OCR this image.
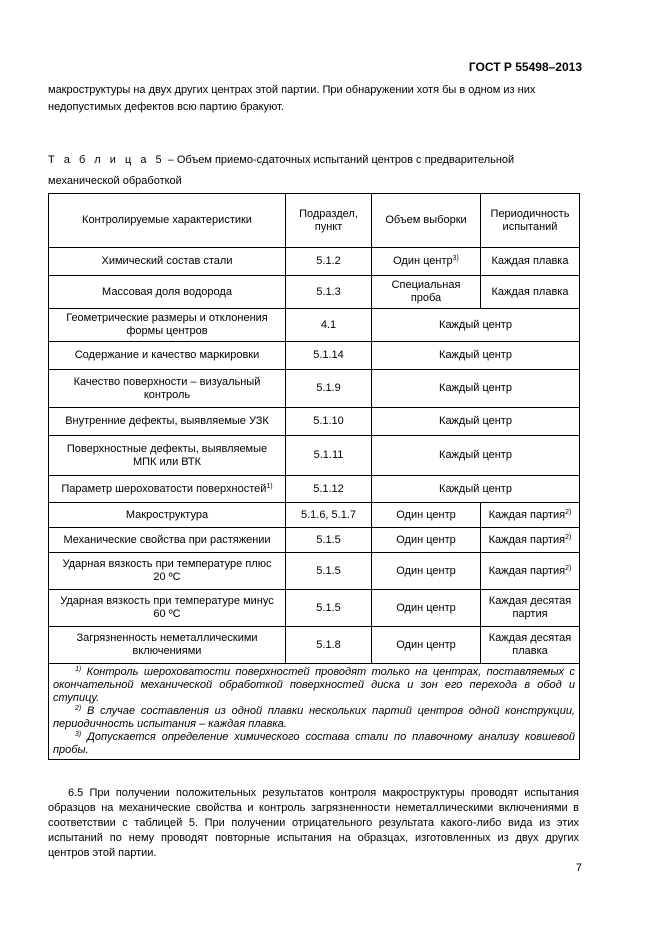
ГОСТ Р 55498–2013
макроструктуры на двух других центрах этой партии. При обнаружении хотя бы в одном из них недопустимых дефектов всю партию бракуют.
Т а б л и ц а 5 – Объем приемо-сдаточных испытаний центров с предварительной механической обработкой
Контролируемые характеристики	Подраздел, пункт	Объем выборки	Периодичность испытаний
Химический состав стали	5.1.2	Один центр$^{3)}$	Каждая плавка
Массовая доля водорода	5.1.3	Специальная проба	Каждая плавка
Геометрические размеры и отклонения формы центров	4.1	Каждый центр	
Содержание и качество маркировки	5.1.14	Каждый центр	
Качество поверхности – визуальный контроль	5.1.9	Каждый центр	
Внутренние дефекты, выявляемые УЗК	5.1.10	Каждый центр	
Поверхностные дефекты, выявляемые МПК или ВТК	5.1.11	Каждый центр	
Параметр шероховатости поверхностей$^{1)}$	5.1.12	Каждый центр	
Макроструктура	5.1.6, 5.1.7	Один центр	Каждая партия$^{2)}$
Механические свойства при растяжении	5.1.5	Один центр	Каждая партия$^{2)}$
Ударная вязкость при температуре плюс 20 ºС	5.1.5	Один центр	Каждая партия$^{2)}$
Ударная вязкость при температуре минус 60 ºС	5.1.5	Один центр	Каждая десятая партия
Загрязненность неметаллическими включениями	5.1.8	Один центр	Каждая десятая плавка

$^{1)}$ Контроль шероховатости поверхностей проводят только на центрах, поставляемых с окончательной механической обработкой поверхностей диска и зон его перехода в обод и ступицу.

$^{2)}$ В случае составления из одной плавки нескольких партий центров одной конструкции, периодичность испытания – каждая плавка.

$^{3)}$ Допускается определение химического состава стали по плавочному анализу ковшевой пробы.			

6.5 При получении положительных результатов контроля макроструктуры проводят испытания образцов на механические свойства и контроль загрязненности неметаллическими включениями в соответствии с таблицей 5. При получении отрицательного результата какого-либо вида из этих испытаний по нему проводят повторные испытания на образцах, изготовленных из двух других центров этой партии.

7
